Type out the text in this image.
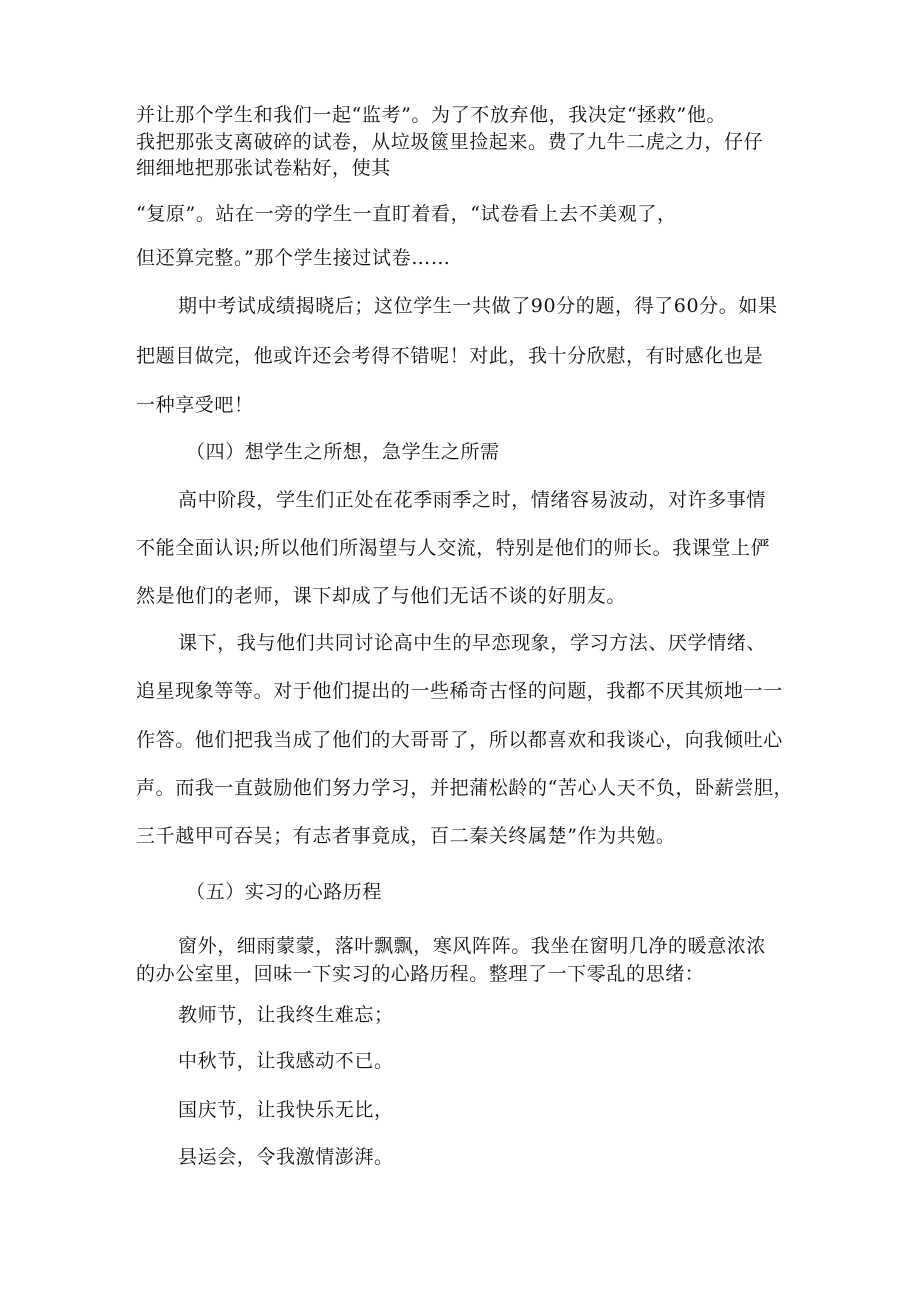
并让那个学生和我们一起“监考”。为了不放弃他，我决定“拯救”他。
我把那张支离破碎的试卷，从垃圾篋里捡起来。费了九牛二虎之力，仔仔
细细地把那张试卷粘好，使其
“复原”。站在一旁的学生一直盯着看，“试卷看上去不美观了，
但还算完整。”那个学生接过试卷……
期中考试成绩揭晓后；这位学生一共做了90分的题，得了60分。如果
把题目做完，他或许还会考得不错呢！对此，我十分欣慰，有时感化也是
一种享受吧！
（四）想学生之所想，急学生之所需
高中阶段，学生们正处在花季雨季之时，情绪容易波动，对许多事情
不能全面认识;所以他们所渴望与人交流，特别是他们的师长。我课堂上俨
然是他们的老师，课下却成了与他们无话不谈的好朋友。
课下，我与他们共同讨论高中生的早恋现象，学习方法、厌学情绪、
追星现象等等。对于他们提出的一些稀奇古怪的问题，我都不厌其烦地一一
作答。他们把我当成了他们的大哥哥了，所以都喜欢和我谈心，向我倾吐心
声。而我一直鼓励他们努力学习，并把蒲松龄的“苦心人天不负，卧薪尝胆，
三千越甲可吞吴；有志者事竟成，百二秦关终属楚”作为共勉。
（五）实习的心路历程
窗外，细雨蒙蒙，落叶飘飘，寒风阵阵。我坐在窗明几净的暖意浓浓
的办公室里，回味一下实习的心路历程。整理了一下零乱的思绪：
教师节，让我终生难忘；
中秋节，让我感动不已。
国庆节，让我快乐无比，
县运会，令我激情澎湃。
